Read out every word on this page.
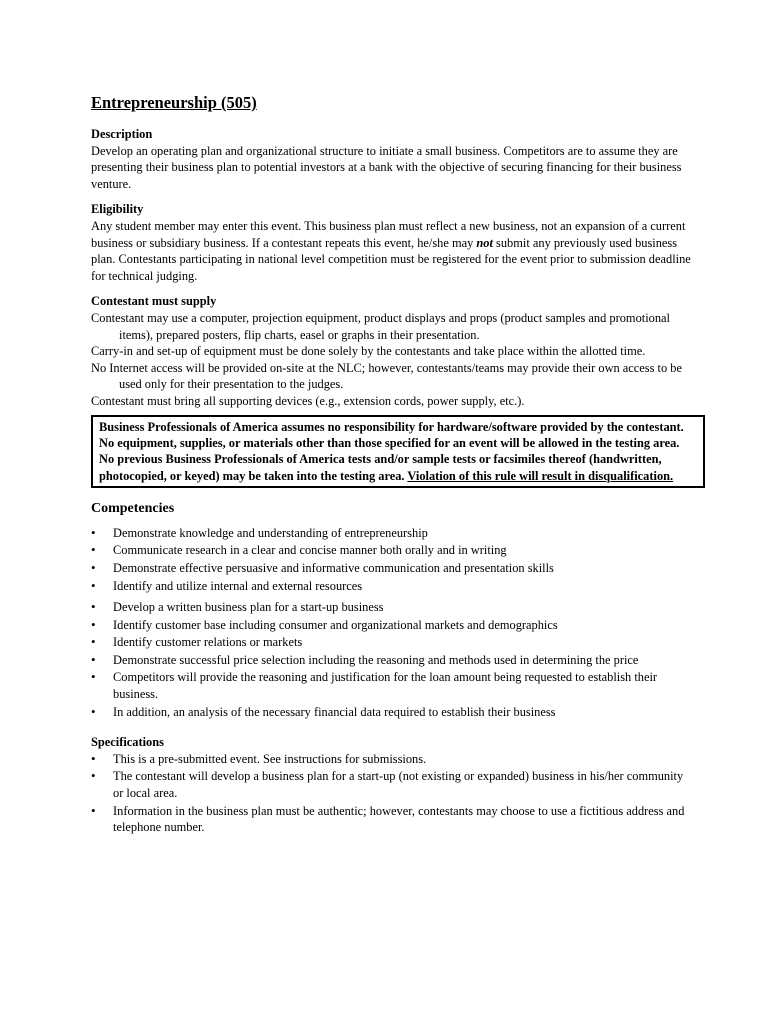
Entrepreneurship (505)

Description

Develop an operating plan and organizational structure to initiate a small business. Competitors are to assume they are presenting their business plan to potential investors at a bank with the objective of securing financing for their business venture.

Eligibility

Any student member may enter this event. This business plan must reflect a new business, not an expansion of a current business or subsidiary business. If a contestant repeats this event, he/she may not submit any previously used business plan. Contestants participating in national level competition must be registered for the event prior to submission deadline for technical judging.

Contestant must supply

Contestant may use a computer, projection equipment, product displays and props (product samples and promotional items), prepared posters, flip charts, easel or graphs in their presentation.

Carry-in and set-up of equipment must be done solely by the contestants and take place within the allotted time.

No Internet access will be provided on-site at the NLC; however, contestants/teams may provide their own access to be used only for their presentation to the judges.

Contestant must bring all supporting devices (e.g., extension cords, power supply, etc.).

Business Professionals of America assumes no responsibility for hardware/software provided by the contestant.

No equipment, supplies, or materials other than those specified for an event will be allowed in the testing area.

No previous Business Professionals of America tests and/or sample tests or facsimiles thereof (handwritten, photocopied, or keyed) may be taken into the testing area. Violation of this rule will result in disqualification.

Competencies

• Demonstrate knowledge and understanding of entrepreneurship
• Communicate research in a clear and concise manner both orally and in writing
• Demonstrate effective persuasive and informative communication and presentation skills
• Identify and utilize internal and external resources
• Develop a written business plan for a start-up business
• Identify customer base including consumer and organizational markets and demographics
• Identify customer relations or markets
• Demonstrate successful price selection including the reasoning and methods used in determining the price
• Competitors will provide the reasoning and justification for the loan amount being requested to establish their business.
• In addition, an analysis of the necessary financial data required to establish their business

Specifications

• This is a pre-submitted event. See instructions for submissions.
• The contestant will develop a business plan for a start-up (not existing or expanded) business in his/her community or local area.
• Information in the business plan must be authentic; however, contestants may choose to use a fictitious address and telephone number.
